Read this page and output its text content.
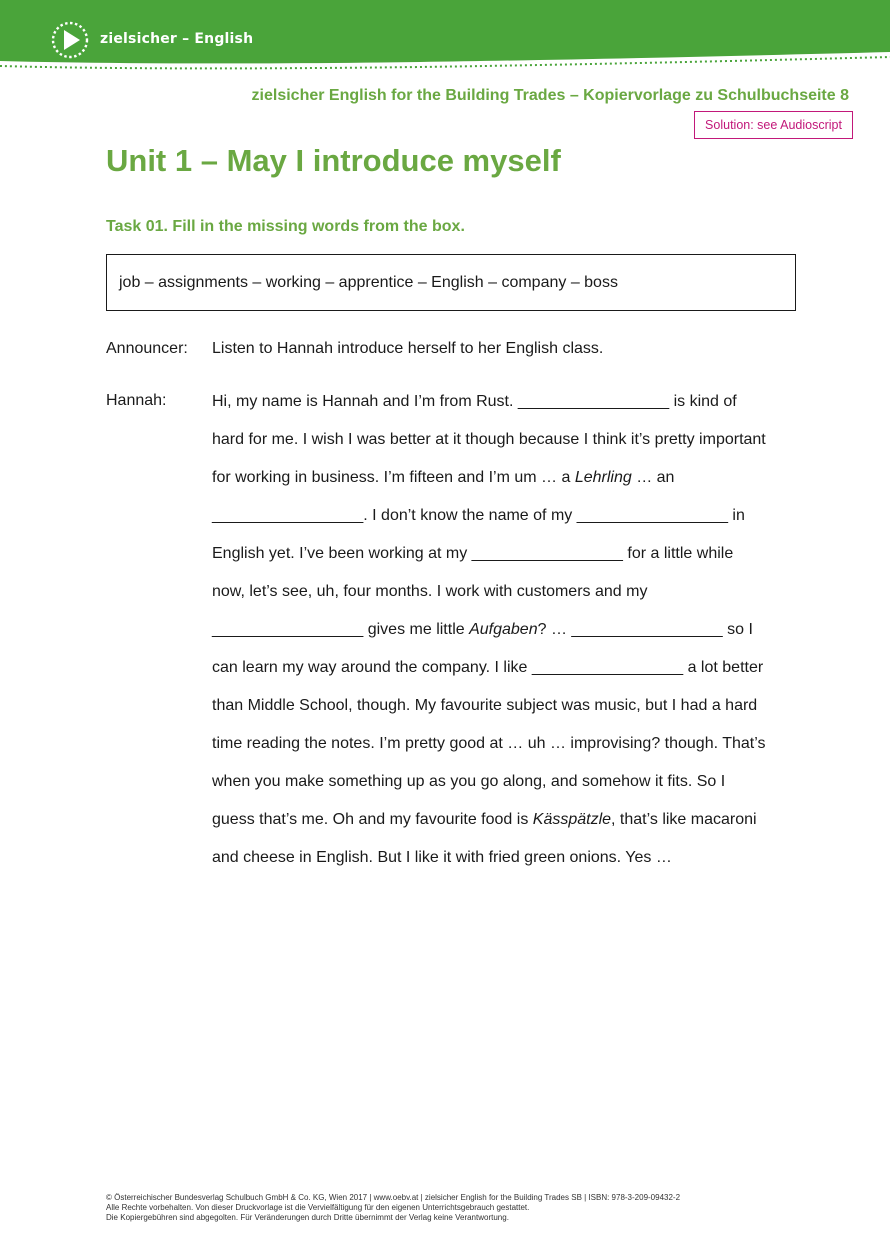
zielsicher – English
zielsicher English for the Building Trades – Kopiervorlage zu Schulbuchseite 8
Solution: see Audioscript
Unit 1 – May I introduce myself
Task 01. Fill in the missing words from the box.
job – assignments – working – apprentice – English – company – boss
Announcer: Listen to Hannah introduce herself to her English class.
Hannah:	Hi, my name is Hannah and I’m from Rust. _________________ is kind of
hard for me. I wish I was better at it though because I think it’s pretty important
for working in business. I’m fifteen and I’m um … a Lehrling … an
_________________. I don’t know the name of my _________________ in
English yet. I’ve been working at my _________________ for a little while
now, let’s see, uh, four months. I work with customers and my
_________________ gives me little Aufgaben? … _________________ so I
can learn my way around the company. I like _________________ a lot better
than Middle School, though. My favourite subject was music, but I had a hard
time reading the notes. I’m pretty good at … uh … improvising? though. That’s
when you make something up as you go along, and somehow it fits. So I
guess that’s me. Oh and my favourite food is Kässpätzle, that’s like macaroni
and cheese in English. But I like it with fried green onions. Yes …
© Österreichischer Bundesverlag Schulbuch GmbH & Co. KG, Wien 2017 | www.oebv.at | zielsicher English for the Building Trades SB | ISBN: 978-3-209-09432-2
Alle Rechte vorbehalten. Von dieser Druckvorlage ist die Vervielfältigung für den eigenen Unterrichtsgebrauch gestattet.
Die Kopiergebühren sind abgegolten. Für Veränderungen durch Dritte übernimmt der Verlag keine Verantwortung.
